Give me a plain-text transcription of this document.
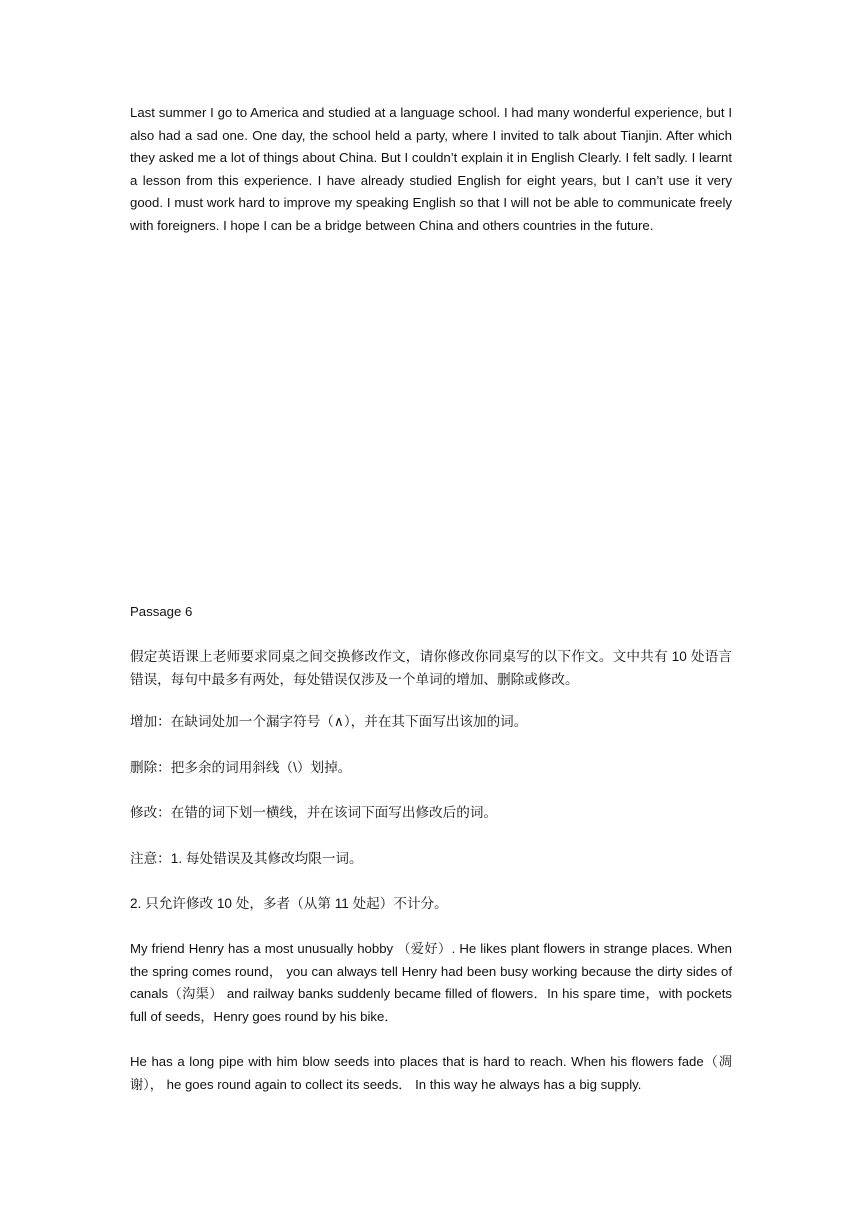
Last summer I go to America and studied at a language school. I had many wonderful experience, but I also had a sad one. One day, the school held a party, where I invited to talk about Tianjin. After which they asked me a lot of things about China. But I couldn’t explain it in English Clearly. I felt sadly. I learnt a lesson from this experience. I have already studied English for eight years, but I can’t use it very good. I must work hard to improve my speaking English so that I will not be able to communicate freely with foreigners. I hope I can be a bridge between China and others countries in the future.
Passage 6
假定英语课上老师要求同桌之间交换修改作文，请你修改你同桌写的以下作文。文中共有 10 处语言错误，每句中最多有两处，每处错误仅涉及一个单词的增加、删除或修改。
增加：在缺词处加一个漏字符号（∧），并在其下面写出该加的词。
删除：把多余的词用斜线（\）划掉。
修改：在错的词下划一横线，并在该词下面写出修改后的词。
注意：1. 每处错误及其修改均限一词。
2. 只允许修改 10 处，多者（从第 11 处起）不计分。
My friend Henry has a most unusually hobby （爱好）. He likes plant flowers in strange places. When the spring comes round， you can always tell Henry had been busy working because the dirty sides of canals（沟渠） and railway banks suddenly became filled of flowers．In his spare time，with pockets full of seeds，Henry goes round by his bike．
He has a long pipe with him blow seeds into places that is hard to reach. When his flowers fade（凋谢）， he goes round again to collect its seeds． In this way he always has a big supply.
